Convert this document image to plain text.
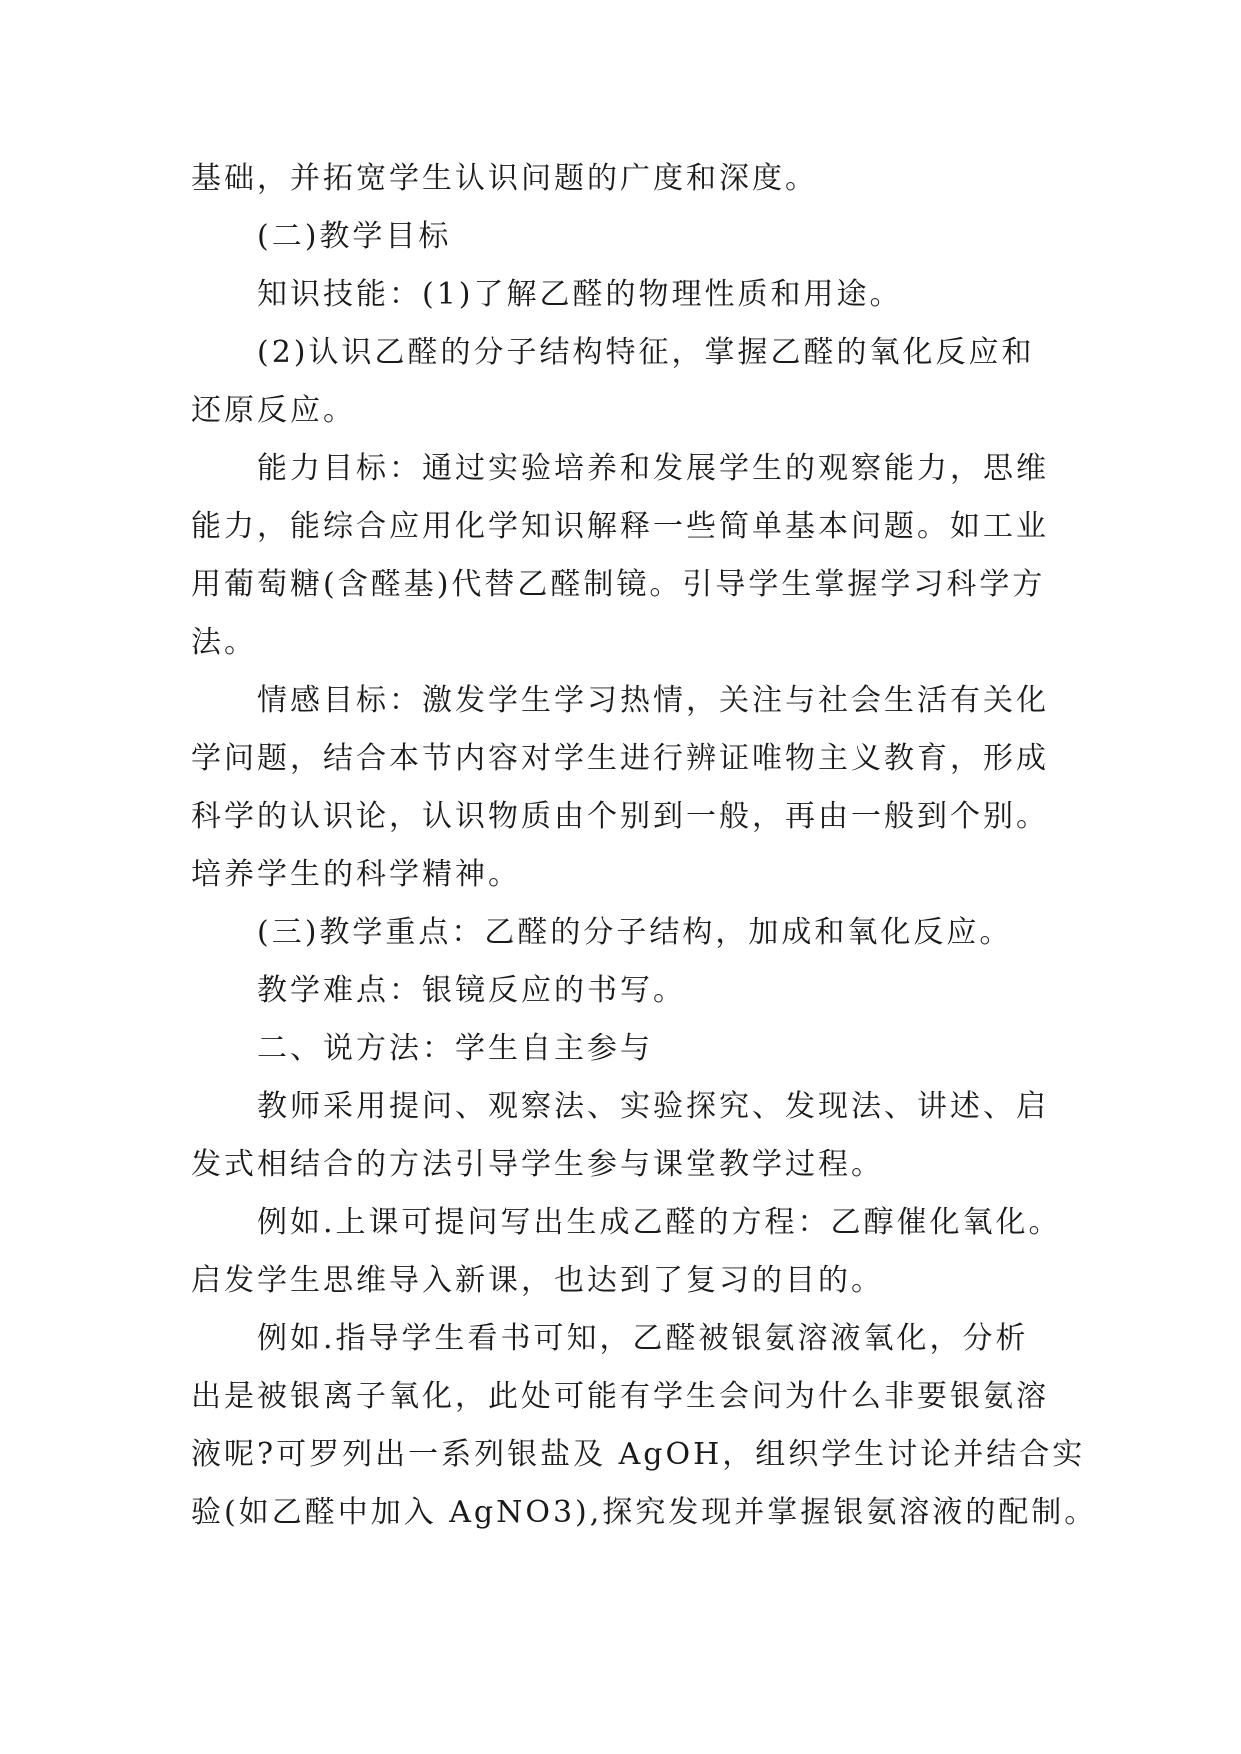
基础，并拓宽学生认识问题的广度和深度。
(二)教学目标
知识技能：(1)了解乙醛的物理性质和用途。
(2)认识乙醛的分子结构特征，掌握乙醛的氧化反应和
还原反应。
能力目标：通过实验培养和发展学生的观察能力，思维
能力，能综合应用化学知识解释一些简单基本问题。如工业
用葡萄糖(含醛基)代替乙醛制镜。引导学生掌握学习科学方
法。
情感目标：激发学生学习热情，关注与社会生活有关化
学问题，结合本节内容对学生进行辨证唯物主义教育，形成
科学的认识论，认识物质由个别到一般，再由一般到个别。
培养学生的科学精神。
(三)教学重点：乙醛的分子结构，加成和氧化反应。
教学难点：银镜反应的书写。
二、说方法：学生自主参与
教师采用提问、观察法、实验探究、发现法、讲述、启
发式相结合的方法引导学生参与课堂教学过程。
例如.上课可提问写出生成乙醛的方程：乙醇催化氧化。
启发学生思维导入新课，也达到了复习的目的。
例如.指导学生看书可知，乙醛被银氨溶液氧化，分析
出是被银离子氧化，此处可能有学生会问为什么非要银氨溶
液呢?可罗列出一系列银盐及 AgOH，组织学生讨论并结合实
验(如乙醛中加入 AgNO3),探究发现并掌握银氨溶液的配制。
